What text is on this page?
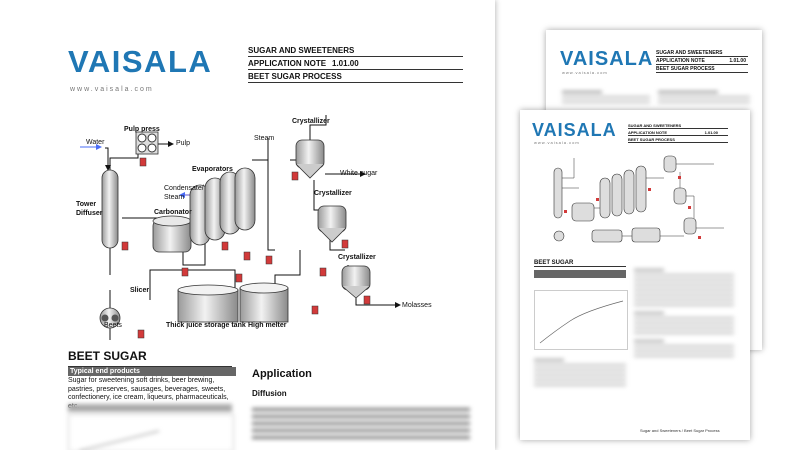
VAISALA
www.vaisala.com
SUGAR AND SWEETENERS
APPLICATION NOTE	1.01.00
BEET SUGAR PROCESS
VAISALA
www.vaisala.com
SUGAR AND SWEETENERS
APPLICATION NOTE	1.01.00
BEET SUGAR PROCESS
BEET SUGAR
Sugar and Sweeteners / Beet Sugar Process
VAISALA
www.vaisala.com
SUGAR AND SWEETENERS
APPLICATION NOTE 1.01.00
BEET SUGAR PROCESS
Water
Pulp press
Pulp
Steam
Crystallizer
Evaporators
Condensate/
Steam
White sugar
Crystallizer
Tower
Diffuser	Carbonator
Crystallizer
Slicer
Beets	Thick juice storage tank High melter
Molasses
BEET SUGAR
Typical end products
Sugar for sweetening soft drinks, beer brewing, pastries, preserves, sausages, beverages, sweets, confectionery, ice cream, liqueurs, pharmaceuticals,
Application
Diffusion
